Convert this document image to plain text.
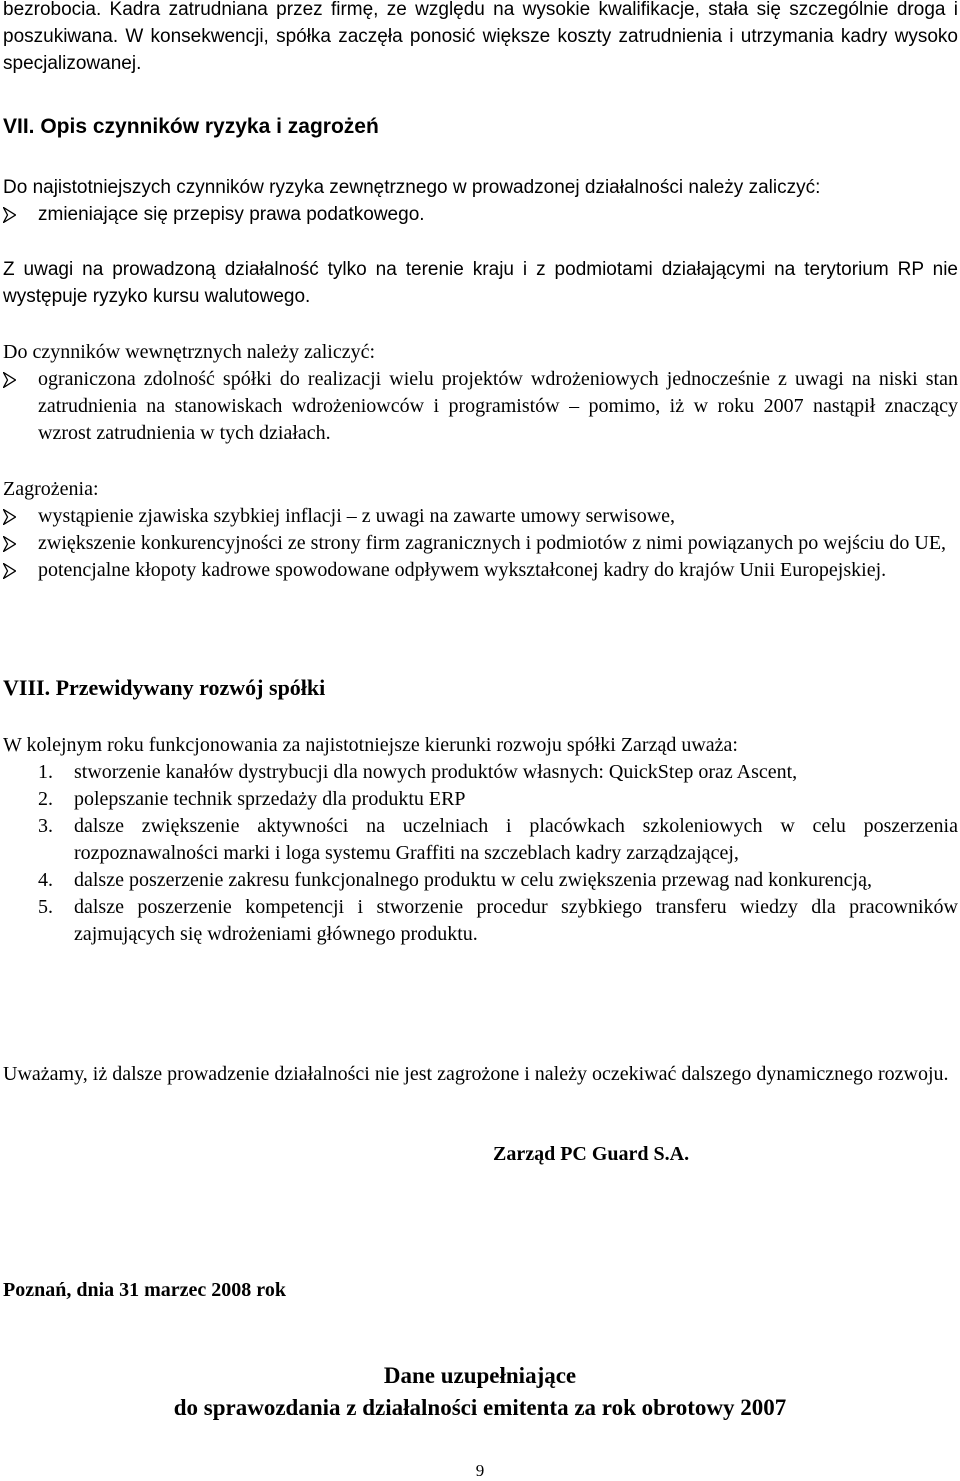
bezrobocia. Kadra zatrudniana przez firmę, ze względu na wysokie kwalifikacje, stała się szczególnie droga i poszukiwana. W konsekwencji, spółka zaczęła ponosić większe koszty zatrudnienia i utrzymania kadry wysoko specjalizowanej.

VII. Opis czynników ryzyka i zagrożeń
Do najistotniejszych czynników ryzyka zewnętrznego w prowadzonej działalności należy zaliczyć:
zmieniające się przepisy prawa podatkowego.

Z uwagi na prowadzoną działalność tylko na terenie kraju i z podmiotami działającymi na terytorium RP nie występuje ryzyko kursu walutowego.

Do czynników wewnętrznych należy zaliczyć:
ograniczona zdolność spółki do realizacji wielu projektów wdrożeniowych jednocześnie z uwagi na niski stan zatrudnienia na stanowiskach wdrożeniowców i programistów – pomimo, iż w roku 2007 nastąpił znaczący wzrost zatrudnienia w tych działach.
Zagrożenia:
wystąpienie zjawiska szybkiej inflacji – z uwagi na zawarte umowy serwisowe,
zwiększenie konkurencyjności ze strony firm zagranicznych i podmiotów z nimi powiązanych po wejściu do UE,
potencjalne kłopoty kadrowe spowodowane odpływem wykształconej kadry do krajów Unii Europejskiej.
VIII. Przewidywany rozwój spółki
W kolejnym roku funkcjonowania za najistotniejsze kierunki rozwoju spółki Zarząd uważa:
1. stworzenie kanałów dystrybucji dla nowych produktów własnych: QuickStep oraz Ascent,
2. polepszanie technik sprzedaży dla produktu ERP
3. dalsze zwiększenie aktywności na uczelniach i placówkach szkoleniowych w celu poszerzenia rozpoznawalności marki i loga systemu Graffiti na szczeblach kadry zarządzającej,
4. dalsze poszerzenie zakresu funkcjonalnego produktu w celu zwiększenia przewag nad konkurencją,
5. dalsze poszerzenie kompetencji i stworzenie procedur szybkiego transferu wiedzy dla pracowników zajmujących się wdrożeniami głównego produktu.

Uważamy, iż dalsze prowadzenie działalności nie jest zagrożone i należy oczekiwać dalszego dynamicznego rozwoju.

Zarząd PC Guard S.A.
Poznań, dnia 31 marzec 2008 rok
Dane uzupełniające
do sprawozdania z działalności emitenta za rok obrotowy 2007
9
